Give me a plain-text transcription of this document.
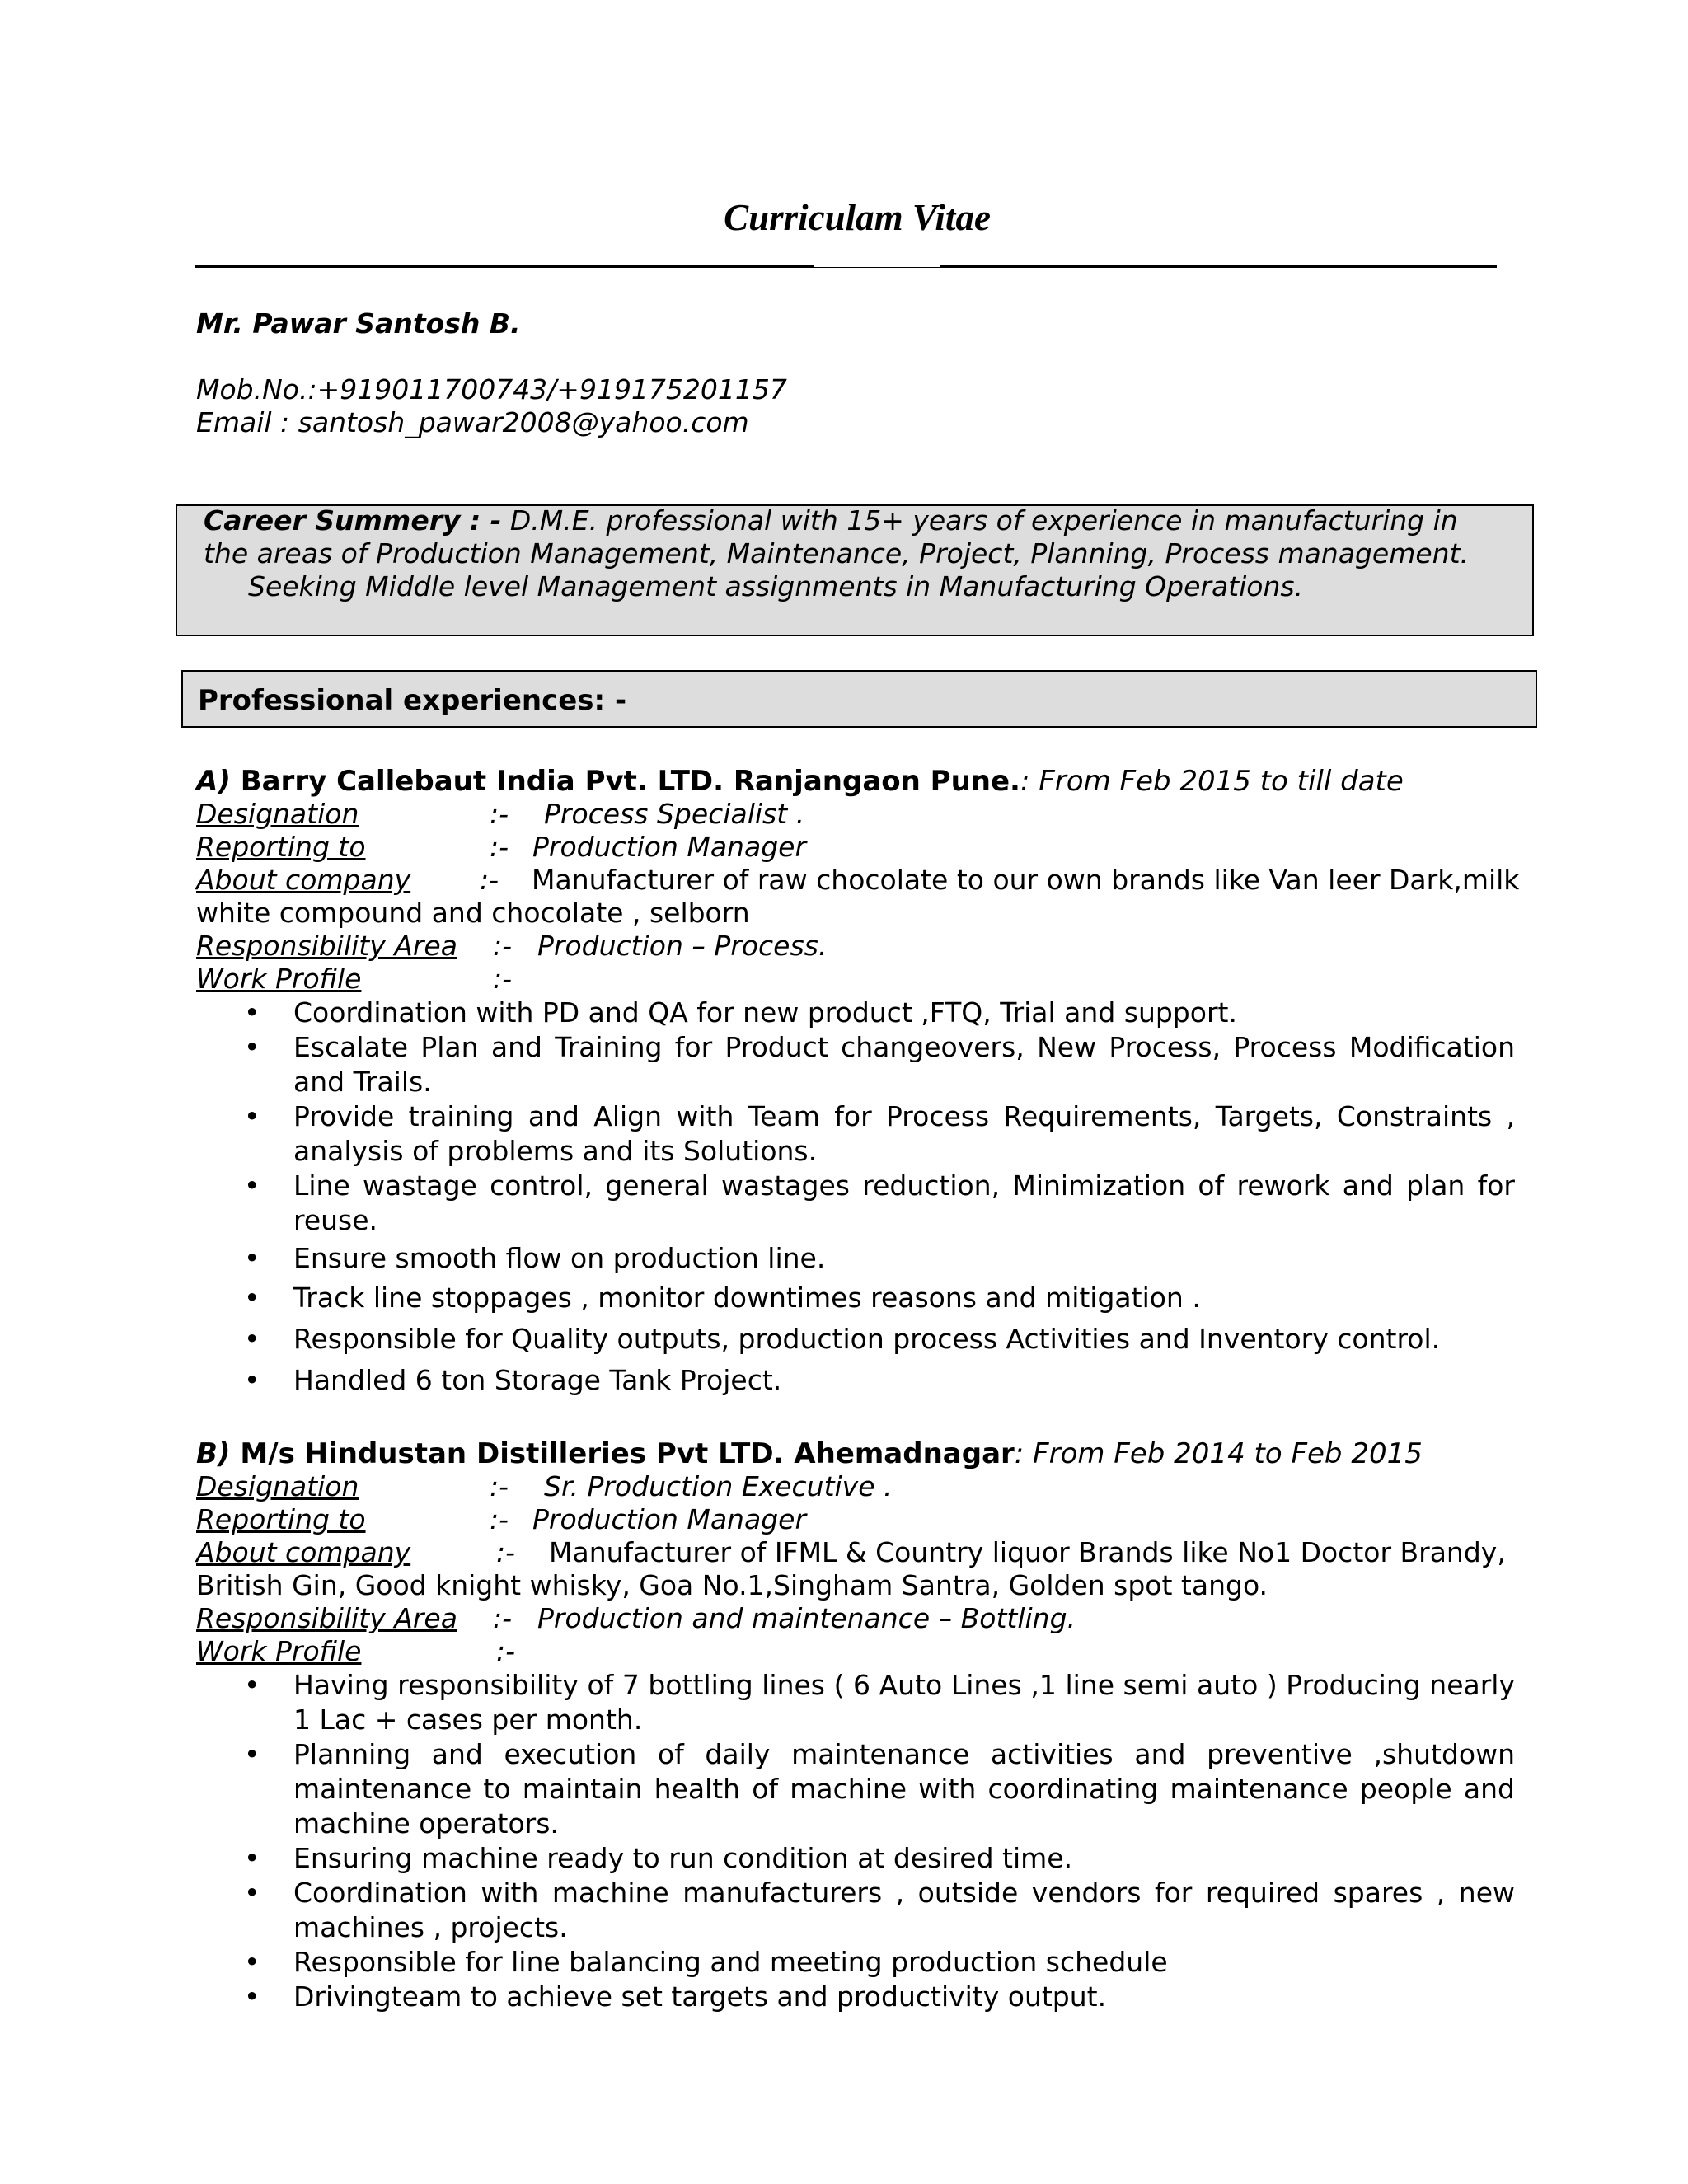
Curriculam Vitae
Mr. Pawar Santosh B.
Mob.No.:+919011700743/+919175201157
Email : santosh_pawar2008@yahoo.com
Career Summery : - D.M.E. professional with 15+ years of experience in manufacturing in the areas of Production Management, Maintenance, Project, Planning, Process management.
Seeking Middle level Management assignments in Manufacturing Operations.
Professional experiences: -
A) Barry Callebaut India Pvt. LTD. Ranjangaon Pune.: From Feb 2015 to till date
Designation	:- Process Specialist .
Reporting to	:- Production Manager
About company	:- Manufacturer of raw chocolate to our own brands like Van leer Dark,milk
white compound and chocolate , selborn
Responsibility Area :- Production – Process.
Work Profile	:-
• Coordination with PD and QA for new product ,FTQ, Trial and support.
• Escalate Plan and Training for Product changeovers, New Process, Process Modification and Trails.
• Provide training and Align with Team for Process Requirements, Targets, Constraints , analysis of problems and its Solutions.
• Line wastage control, general wastages reduction, Minimization of rework and plan for reuse.
• Ensure smooth flow on production line.
• Track line stoppages , monitor downtimes reasons and mitigation .
• Responsible for Quality outputs, production process Activities and Inventory control.
• Handled 6 ton Storage Tank Project.
B) M/s Hindustan Distilleries Pvt LTD. Ahemadnagar: From Feb 2014 to Feb 2015
Designation	:- Sr. Production Executive .
Reporting to	:- Production Manager
About company	:- Manufacturer of IFML & Country liquor Brands like No1 Doctor Brandy,
British Gin, Good knight whisky, Goa No.1,Singham Santra, Golden spot tango.
Responsibility Area :- Production and maintenance – Bottling.
Work Profile	:-
• Having responsibility of 7 bottling lines ( 6 Auto Lines ,1 line semi auto ) Producing nearly 1 Lac + cases per month.
• Planning and execution of daily maintenance activities and preventive ,shutdown maintenance to maintain health of machine with coordinating maintenance people and machine operators.
• Ensuring machine ready to run condition at desired time.
• Coordination with machine manufacturers , outside vendors for required spares , new machines , projects.
• Responsible for line balancing and meeting production schedule
• Drivingteam to achieve set targets and productivity output.
